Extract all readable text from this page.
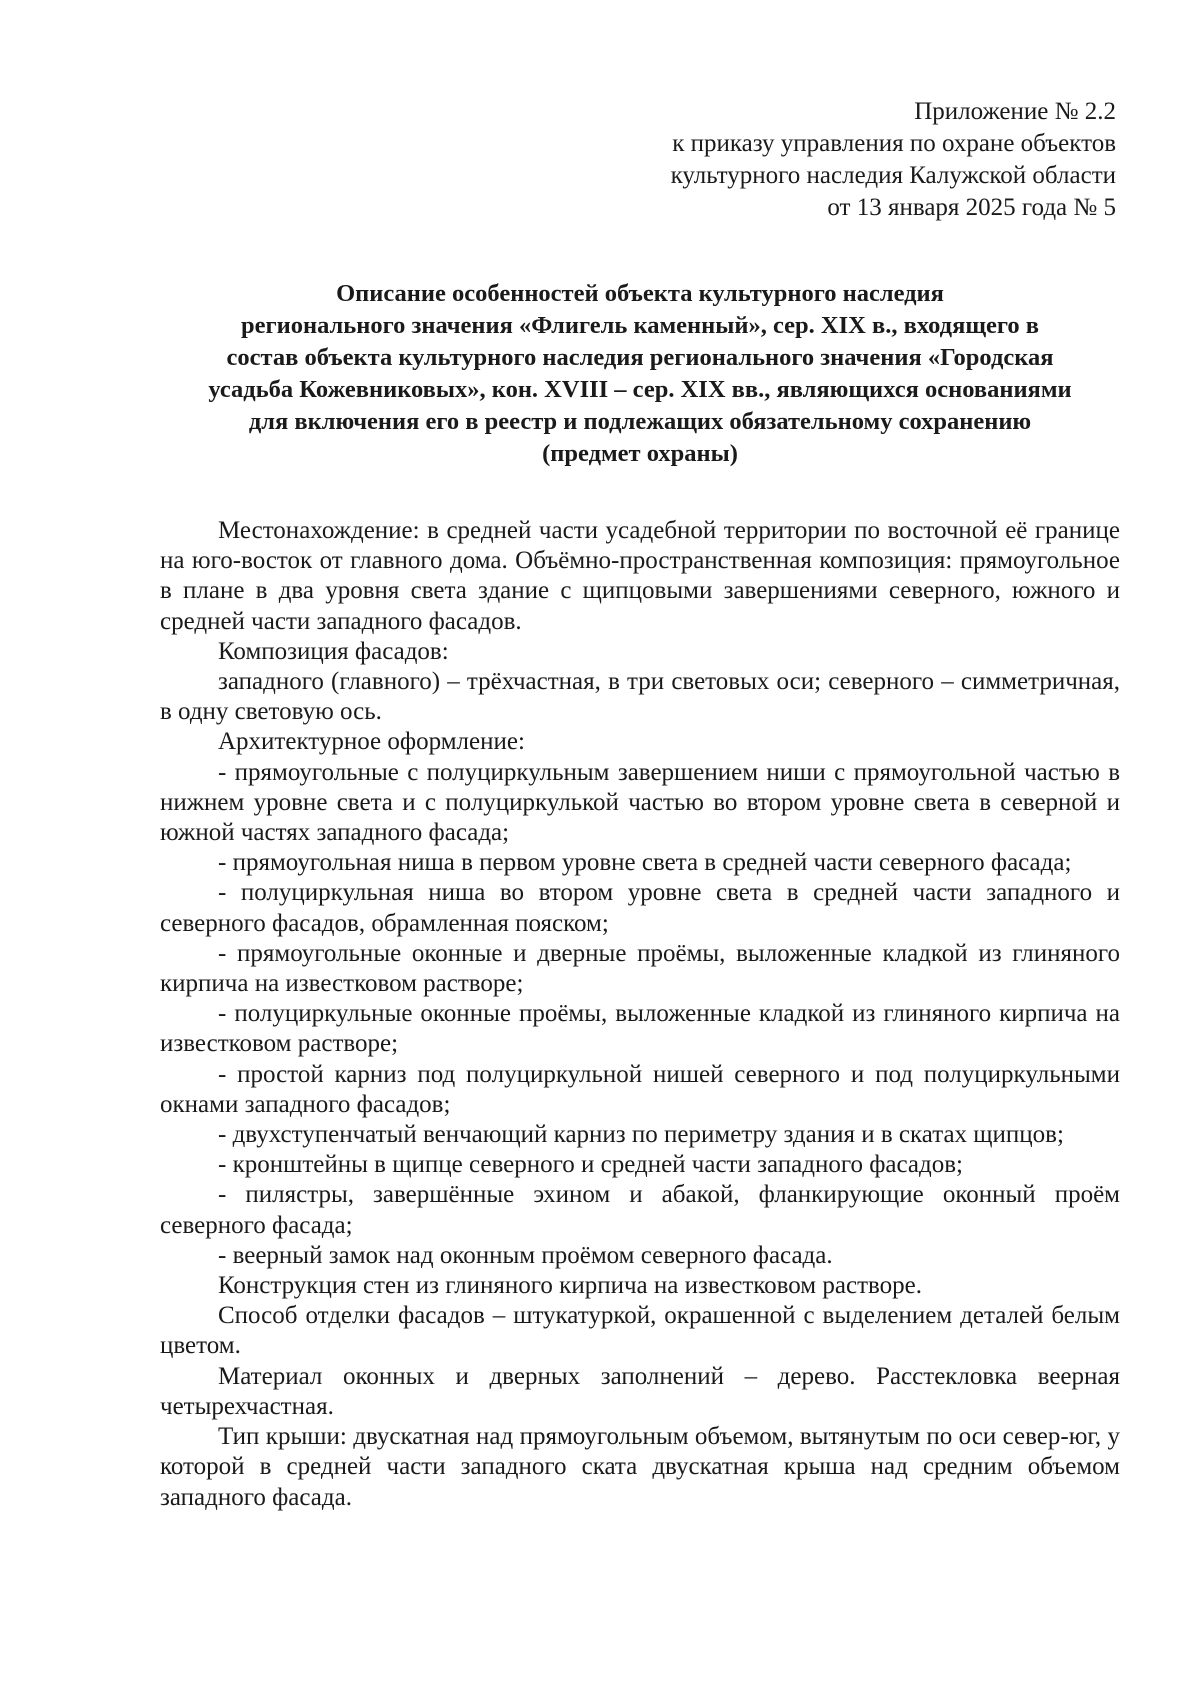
Приложение № 2.2
к приказу управления по охране объектов
культурного наследия Калужской области
от 13 января 2025 года № 5
Описание особенностей объекта культурного наследия
регионального значения «Флигель каменный», сер. XIX в., входящего в
состав объекта культурного наследия регионального значения «Городская
усадьба Кожевниковых», кон. XVIII – сер. XIX вв., являющихся основаниями
для включения его в реестр и подлежащих обязательному сохранению
(предмет охраны)

Местонахождение: в средней части усадебной территории по восточной её границе на юго-восток от главного дома. Объёмно-пространственная композиция: прямоугольное в плане в два уровня света здание с щипцовыми завершениями северного, южного и средней части западного фасадов.

Композиция фасадов:

западного (главного) – трёхчастная, в три световых оси; северного – симметричная, в одну световую ось.

Архитектурное оформление:

- прямоугольные с полуциркульным завершением ниши с прямоугольной частью в нижнем уровне света и с полуциркулькой частью во втором уровне света в северной и южной частях западного фасада;

- прямоугольная ниша в первом уровне света в средней части северного фасада;

- полуциркульная ниша во втором уровне света в средней части западного и северного фасадов, обрамленная пояском;

- прямоугольные оконные и дверные проёмы, выложенные кладкой из глиняного кирпича на известковом растворе;

- полуциркульные оконные проёмы, выложенные кладкой из глиняного кирпича на известковом растворе;

- простой карниз под полуциркульной нишей северного и под полуциркульными окнами западного фасадов;

- двухступенчатый венчающий карниз по периметру здания и в скатах щипцов;

- кронштейны в щипце северного и средней части западного фасадов;

- пилястры, завершённые эхином и абакой, фланкирующие оконный проём северного фасада;

- веерный замок над оконным проёмом северного фасада.

Конструкция стен из глиняного кирпича на известковом растворе.

Способ отделки фасадов – штукатуркой, окрашенной с выделением деталей белым цветом.

Материал оконных и дверных заполнений – дерево. Расстекловка веерная четырехчастная.

Тип крыши: двускатная над прямоугольным объемом, вытянутым по оси север-юг, у которой в средней части западного ската двускатная крыша над средним объемом западного фасада.
